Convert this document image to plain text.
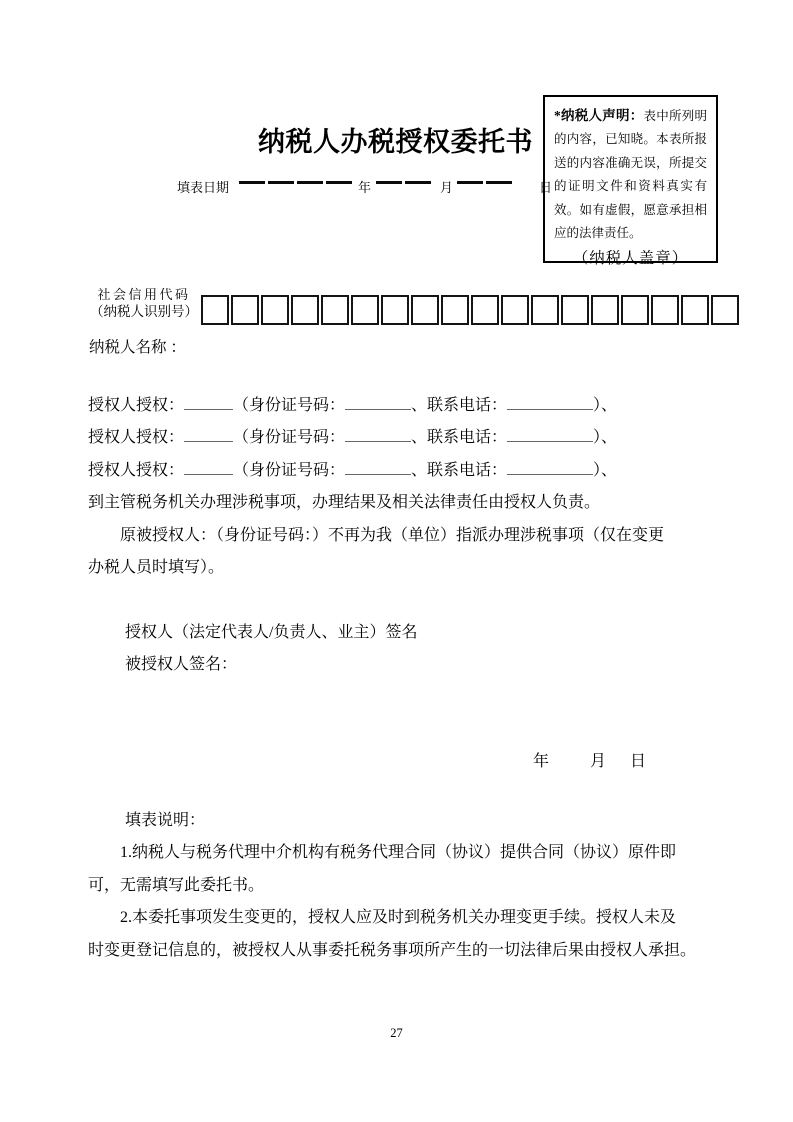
纳税人办税授权委托书
填表日期	年	月	日

*纳税人声明：表中所列明的内容，已知晓。本表所报送的内容准确无误，所提交的证明文件和资料真实有效。如有虚假，愿意承担相应的法律责任。

（纳税人盖章）
社会信用代码
（纳税人识别号）
纳税人名称 ：
授权人授权：	（身份证号码：	、联系电话：	）、
授权人授权：	（身份证号码：	、联系电话：	）、
授权人授权：	（身份证号码：	、联系电话：	）、
到主管税务机关办理涉税事项，办理结果及相关法律责任由授权人负责。
原被授权人：（身份证号码：）不再为我（单位）指派办理涉税事项（仅在变更
办税人员时填写）。
授权人（法定代表人/负责人、业主）签名
被授权人签名：
年	月 日
填表说明：
1.纳税人与税务代理中介机构有税务代理合同（协议）提供合同（协议）原件即
可，无需填写此委托书。
2.本委托事项发生变更的，授权人应及时到税务机关办理变更手续。授权人未及
时变更登记信息的，被授权人从事委托税务事项所产生的一切法律后果由授权人承担。
27
